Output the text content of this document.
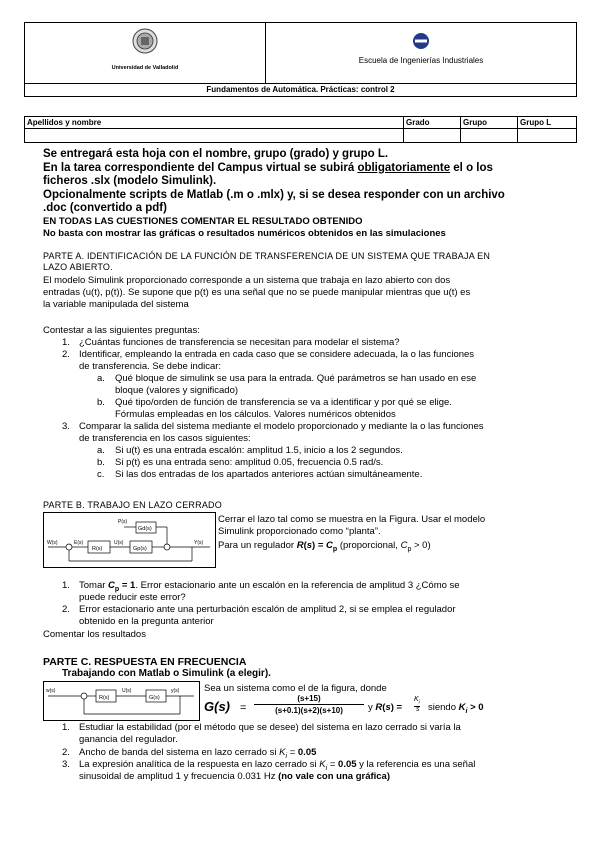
Universidad de Valladolid

Escuela de Ingenierías Industriales

Fundamentos de Automática. Prácticas: control 2
Apellidos y nombre	Grado	Grupo	Grupo L

Se entregará esta hoja con el nombre, grupo (grado) y grupo L.
En la tarea correspondiente del Campus virtual se subirá obligatoriamente el o los
ficheros .slx (modelo Simulink).
Opcionalmente scripts de Matlab (.m o .mlx) y, si se desea responder con un archivo
.doc (convertido a pdf)
EN TODAS LAS CUESTIONES COMENTAR EL RESULTADO OBTENIDO
No basta con mostrar las gráficas o resultados numéricos obtenidos en las simulaciones
PARTE A. IDENTIFICACIÓN DE LA FUNCIÓN DE TRANSFERENCIA DE UN SISTEMA QUE TRABAJA EN
LAZO ABIERTO.
El modelo Simulink proporcionado corresponde a un sistema que trabaja en lazo abierto con dos
entradas (u(t), p(t)). Se supone que p(t) es una señal que no se puede manipular mientras que u(t) es
la variable manipulada del sistema
Contestar a las siguientes preguntas:
1. ¿Cuántas funciones de transferencia se necesitan para modelar el sistema?
2. Identificar, empleando la entrada en cada caso que se considere adecuada, la o las funciones
de transferencia. Se debe indicar:
a. Qué bloque de simulink se usa para la entrada. Qué parámetros se han usado en ese
bloque (valores y significado)
b. Qué tipo/orden de función de transferencia se va a identificar y por qué se elige.
Fórmulas empleadas en los cálculos. Valores numéricos obtenidos
3. Comparar la salida del sistema mediante el modelo proporcionado y mediante la o las funciones
de transferencia en los casos siguientes:
a. Si u(t) es una entrada escalón: amplitud 1.5, inicio a los 2 segundos.
b. Si p(t) es una entrada seno: amplitud 0.05, frecuencia 0.5 rad/s.
c. Si las dos entradas de los apartados anteriores actúan simultáneamente.
PARTE B. TRABAJO EN LAZO CERRADO
W(s)	E(s)
R(s)
U(s)
Gp(s)
Gd(s)
P(s)
Y(s)
Cerrar el lazo tal como se muestra en la Figura. Usar el modelo
Simulink proporcionado como “planta”.
Para un regulador $R(s) = C_p$ (proporcional, $C_p > 0$)
1. Tomar $C_p = 1$. Error estacionario ante un escalón en la referencia de amplitud 3 ¿Cómo se
puede reducir este error?
2. Error estacionario ante una perturbación escalón de amplitud 2, si se emplea el regulador
obtenido en la pregunta anterior
Comentar los resultados
PARTE C. RESPUESTA EN FRECUENCIA
Trabajando con Matlab o Simulink (a elegir).
w(s)
R(s)
U(s)
G(s)
y(s)	Sea un sistema como el de la figura, donde
G(s) =
(s+15)
(s+0.1)(s+2)(s+10)	y R(s) =
$K_i$
s siendo $K_i > 0$
1. Estudiar la estabilidad (por el método que se desee) del sistema en lazo cerrado si varía la
ganancia del regulador.
2. Ancho de banda del sistema en lazo cerrado si $K_i = 0.05$
3. La expresión analítica de la respuesta en lazo cerrado si $K_i = 0.05$ y la referencia es una señal
sinusoidal de amplitud 1 y frecuencia 0.031 Hz (no vale con una gráfica)
